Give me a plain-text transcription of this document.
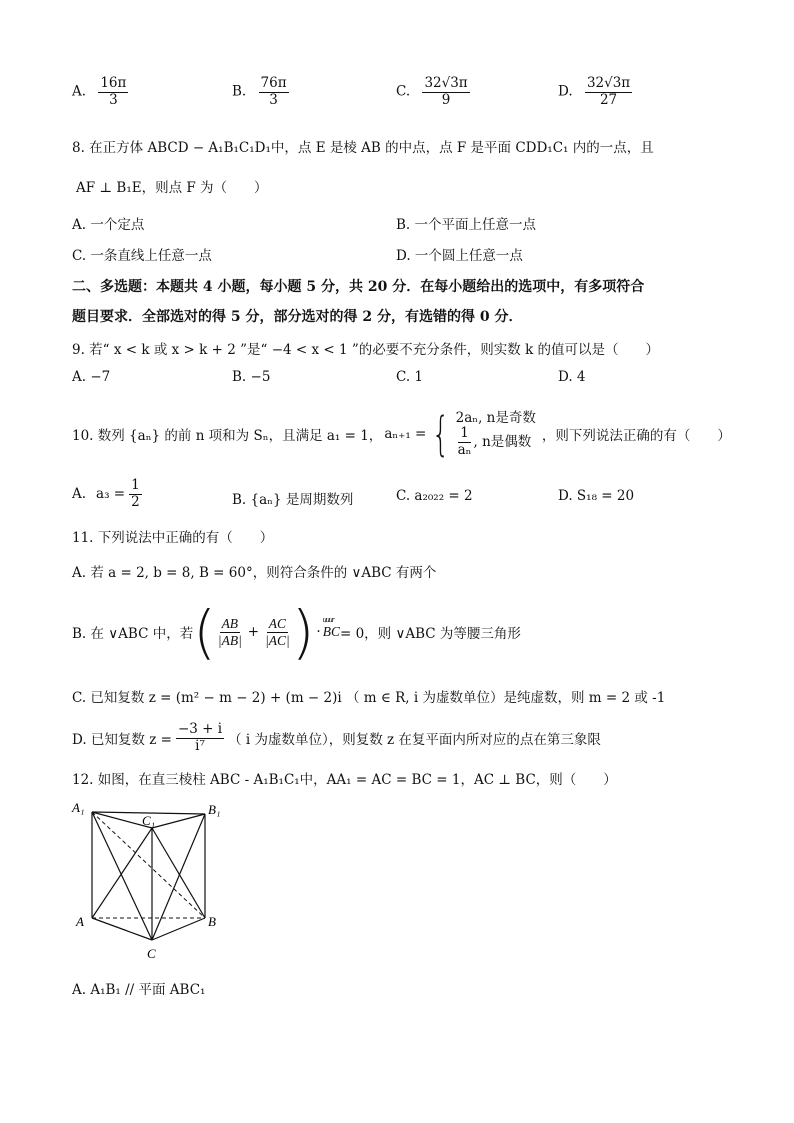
A. $\frac{16\pi}{3}$	B. $\frac{76\pi}{3}$	C. $\frac{32√3\pi}{9}$	D. $\frac{32√3\pi}{27}$
8. 在正方体 ABCD − A₁B₁C₁D₁中，点 E 是棱 AB 的中点，点 F 是平面 CDD₁C₁ 内的一点，且
AF ⊥ B₁E，则点 F 为（　　）
A. 一个定点	B. 一个平面上任意一点
C. 一条直线上任意一点	D. 一个圆上任意一点
二、多选题：本题共 4 小题，每小题 5 分，共 20 分．在每小题给出的选项中，有多项符合
题目要求．全部选对的得 5 分，部分选对的得 2 分，有选错的得 0 分．
9. 若“ x < k 或 x > k + 2 ”是“ −4 < x < 1 ”的必要不充分条件，则实数 k 的值可以是（　　）
A. −7	B. −5	C. 1	D. 4
10. 数列 {aₙ} 的前 n 项和为 Sₙ，且满足 a₁ = 1， aₙ₊₁ = { 2aₙ, n是奇数
$\frac{1}{\text{aₙ}}$ , n是偶数 ，则下列说法正确的有（　　）
A. $a_3 = \frac{1}{2}$	B. {aₙ} 是周期数列	C. a₂₀₂₂ = 2	D. S₁₈ = 20
11. 下列说法中正确的有（　　）
A. 若 a = 2, b = 8, B = 60°，则符合条件的 ∨ABC 有两个
B. 在 ∨ABC 中，若 ( $\frac{AB}{|AB|} + \frac{AC}{|AC|}$ ) ·
uuur
BC = 0，则 ∨ABC 为等腰三角形
C. 已知复数 z = (m² − m − 2) + (m − 2)i （ m ∈ R, i 为虚数单位）是纯虚数，则 m = 2 或 -1
D. 已知复数 $z = \frac{-3 + i}{\text{i⁷}}$ （ i 为虚数单位），则复数 z 在复平面内所对应的点在第三象限
12. 如图，在直三棱柱 ABC - A₁B₁C₁中，AA₁ = AC = BC = 1，AC ⊥ BC，则（　　）
A₁	B₁
C₁
A	B
C
A. A₁B₁ // 平面 ABC₁
